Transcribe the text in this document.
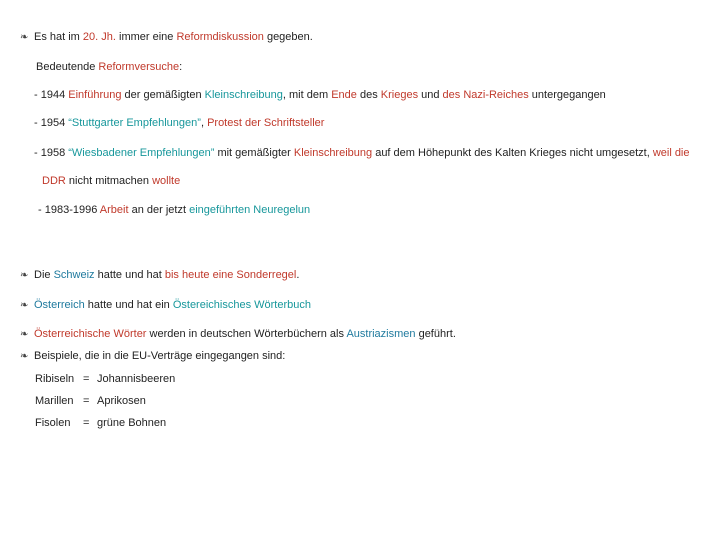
❧ Es hat im 20. Jh. immer eine Reformdiskussion gegeben.
Bedeutende Reformversuche:
- 1944 Einführung der gemäßigten Kleinschreibung, mit dem Ende des Krieges und des Nazi-Reiches untergegangen
- 1954 “Stuttgarter Empfehlungen”, Protest der Schriftsteller
- 1958 “Wiesbadener Empfehlungen” mit gemäßigter Kleinschreibung auf dem Höhepunkt des Kalten Krieges nicht umgesetzt, weil die
DDR nicht mitmachen wollte
- 1983-1996 Arbeit an der jetzt eingeführten Neuregelun
❧ Die Schweiz hatte und hat bis heute eine Sonderregel.
❧ Österreich hatte und hat ein Östereichisches Wörterbuch
❧ Österreichische Wörter werden in deutschen Wörterbüchern als Austriazismen geführt.
❧ Beispiele, die in die EU-Verträge eingegangen sind:
Ribiseln = Johannisbeeren
Marillen = Aprikosen
Fisolen = grüne Bohnen
